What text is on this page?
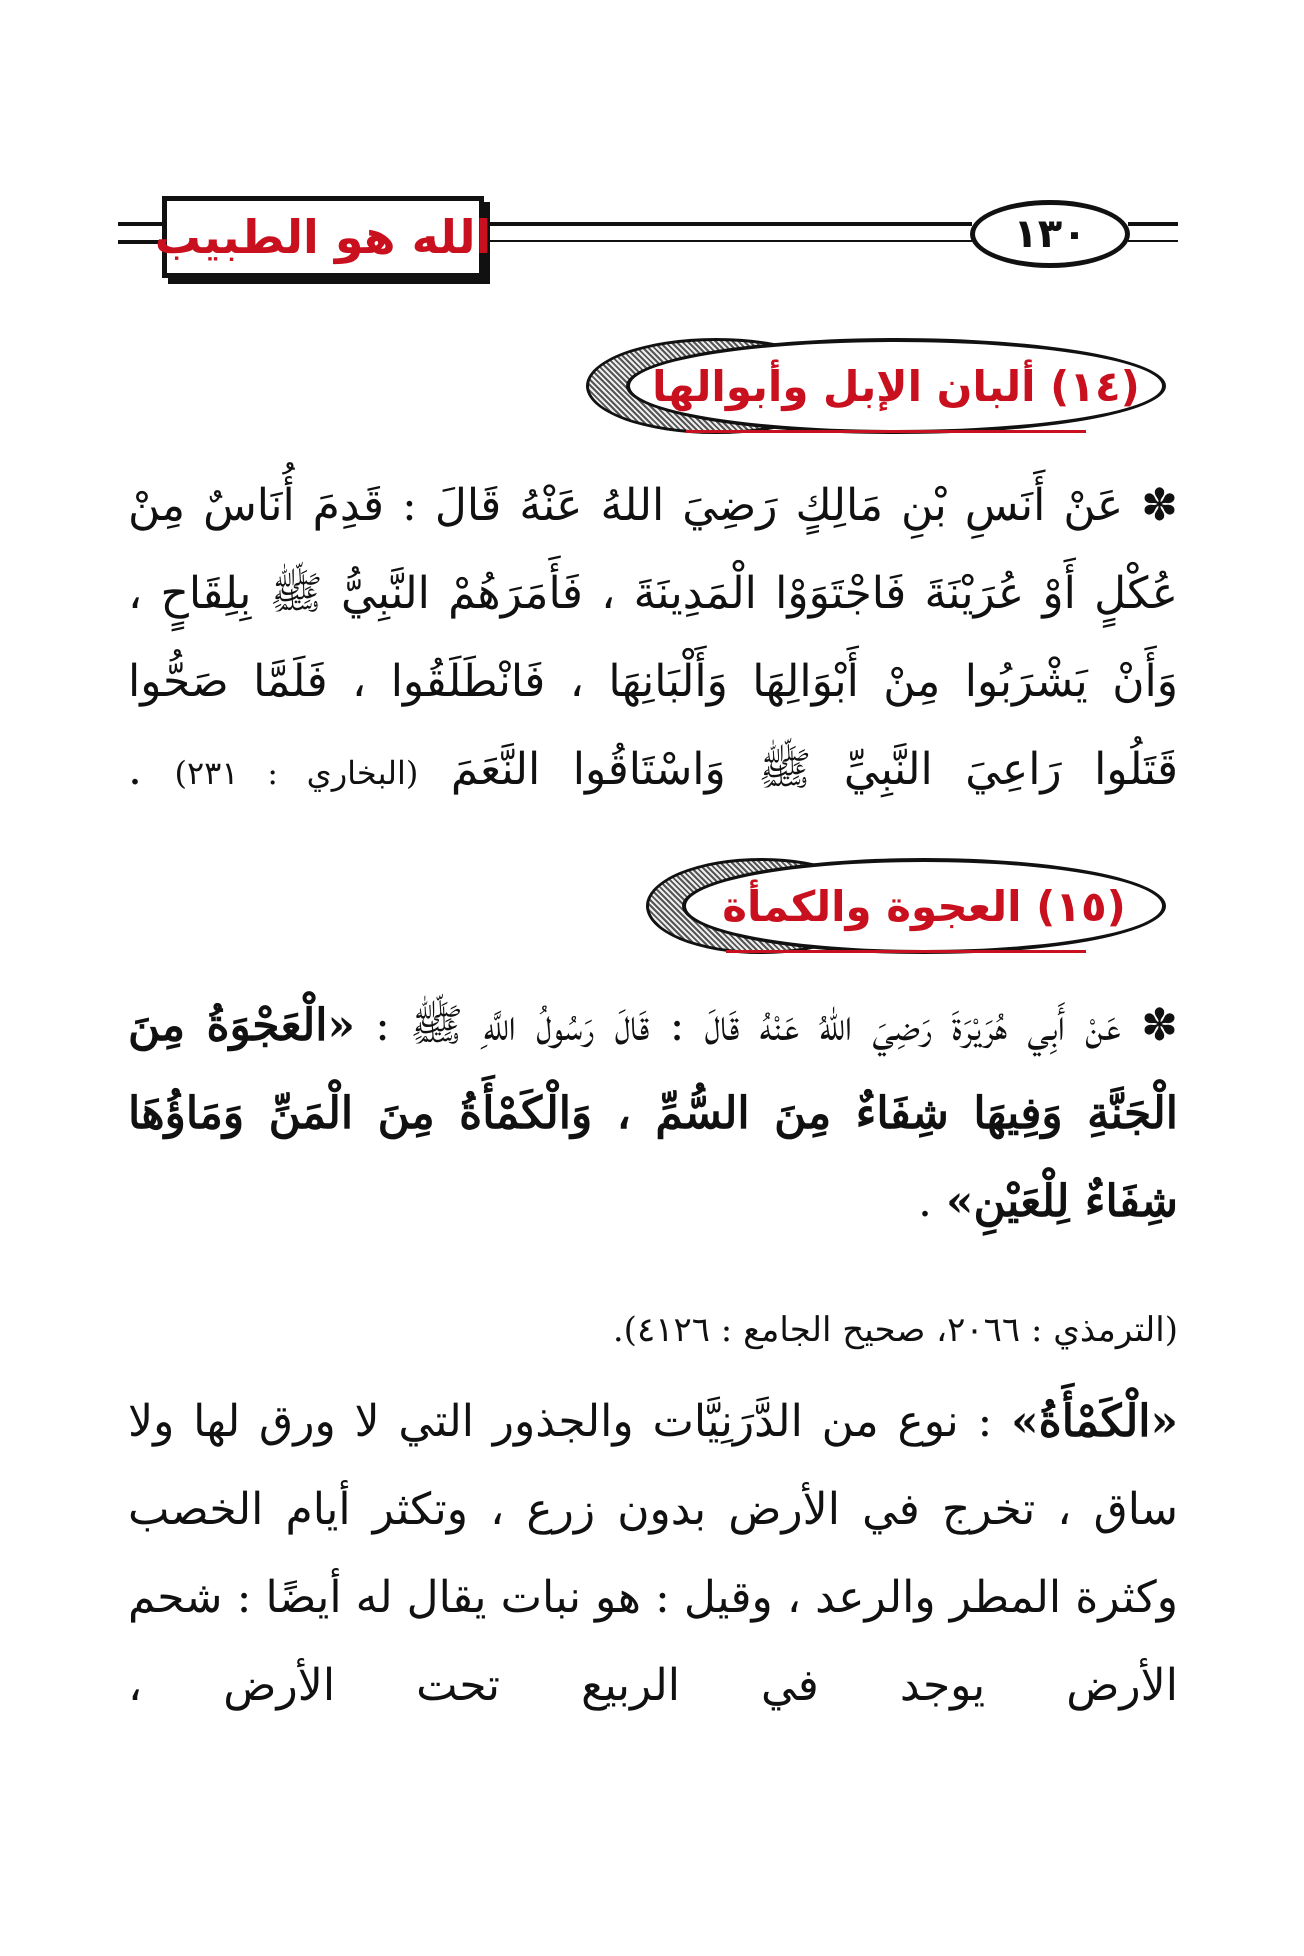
الله هو الطبيب	١٣٠
(١٤) ألبان الإبل وأبوالها

✽ عَنْ أَنَسِ بْنِ مَالِكٍ رَضِيَ اللهُ عَنْهُ قَالَ : قَدِمَ أُنَاسٌ مِنْ عُكْلٍ أَوْ عُرَيْنَةَ فَاجْتَوَوْا الْمَدِينَةَ ، فَأَمَرَهُمْ النَّبِيُّ ﷺ بِلِقَاحٍ ، وَأَنْ يَشْرَبُوا مِنْ أَبْوَالِهَا وَأَلْبَانِهَا ، فَانْطَلَقُوا ، فَلَمَّا صَحُّوا قَتَلُوا رَاعِيَ النَّبِيِّ ﷺ وَاسْتَاقُوا النَّعَمَ (البخاري : ٢٣١) .

(١٥) العجوة والكمأة

✽ عَنْ أَبِي هُرَيْرَةَ رَضِيَ اللهُ عَنْهُ قَالَ : قَالَ رَسُولُ اللَّهِ ﷺ : «الْعَجْوَةُ مِنَ الْجَنَّةِ وَفِيهَا شِفَاءٌ مِنَ السُّمِّ ، وَالْكَمْأَةُ مِنَ الْمَنِّ وَمَاؤُهَا شِفَاءٌ لِلْعَيْنِ» .

(الترمذي : ٢٠٦٦، صحيح الجامع : ٤١٢٦).

«الْكَمْأَةُ» : نوع من الدَّرَنِيَّات والجذور التي لا ورق لها ولا ساق ، تخرج في الأرض بدون زرع ، وتكثر أيام الخصب وكثرة المطر والرعد ، وقيل : هو نبات يقال له أيضًا : شحم الأرض يوجد في الربيع تحت الأرض ،
